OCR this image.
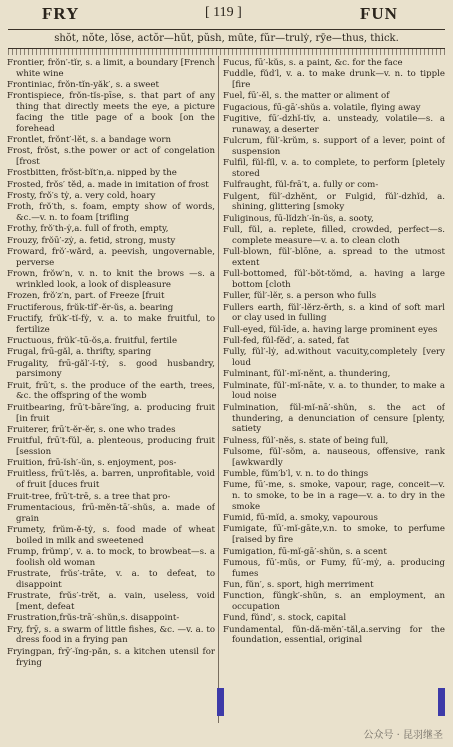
FRY	[ 119 ]	FUN
shŏt, nŏte, lŏse, actŏr—hŭt, pŭsh, mūte, fŭr—trulẏ, rȳe—thus, thick.
Frontier, frŏn′-tĭr, s. a limit, a boundary [French white wine
Frontiniac, frŏn-tĭn-yăk′, s. a sweet
Frontispiece, frŏn-tĭs-pīse, s. that part of any thing that directly meets the eye, a picture facing the title page of a book [on the forehead
Frontlet, frŏnt′-lĕt, s. a bandage worn
Frost, frŏst, s.the power or act of congelation [frost
Frostbitten, frŏst-bĭt′n,a. nipped by the
Frosted, frŏs′ tĕd, a. made in imitation of frost
Frosty, frŏ′s tẏ, a. very cold, hoary
Froth, frŏ′th, s. foam, empty show of words, &c.—v. n. to foam [trifling
Frothy, frŏ′th-ẏ,a. full of froth, empty,
Frouzy, frŏū′-zẏ, a. fetid, strong, musty
Froward, frŏ′-wărd, a. peevish, ungovernable, perverse
Frown, frŏw′n, v. n. to knit the brows —s. a wrinkled look, a look of displeasure
Frozen, frŏ′z′n, part. of Freeze [fruit
Fructiferous, frŭk-tĭf′-ĕr-ŭs, a. bearing
Fructify, frŭk′-tĭ-fẏ, v. a. to make fruitful, to fertilize
Fructuous, frŭk′-tū-ŏs,a. fruitful, fertile
Frugal, frū-găl, a. thrifty, sparing
Frugality, frū-găl′-ĭ-tẏ, s. good husbandry, parsimony
Fruit, frū′t, s. the produce of the earth, trees, &c. the offspring of the womb
Fruitbearing, frū′t-bāre′ĭng, a. producing fruit [in fruit
Fruiterer, frū′t-ĕr-ĕr, s. one who trades
Fruitful, frū′t-fŭl, a. plenteous, producing fruit [session
Fruition, frū-ĭsh′-ŭn, s. enjoyment, pos-
Fruitless, frū′t-lĕs, a. barren, unprofitable, void of fruit [duces fruit
Fruit-tree, frū′t-trē, s. a tree that pro-
Frumentacious, frū-mĕn-tā′-shŭs, a. made of grain
Frumety, frŭm-ĕ-tẏ, s. food made of wheat boiled in milk and sweetened
Frump, frŭmp′, v. a. to mock, to browbeat—s. a foolish old woman
Frustrate, frŭs′-trāte, v. a. to defeat, to disappoint
Frustrate, frŭs′-trĕt, a. vain, useless, void [ment, defeat
Frustration,frŭs-trā′-shŭn,s. disappoint-
Fry, frȳ, s. a swarm of little fishes, &c. —v. a. to dress food in a frying pan
Fryingpan, frȳ′-ĭng-păn, s. a kitchen utensil for frying
Fucus, fū′-kŭs, s. a paint, &c. for the face
Fuddle, fŭd′l, v. a. to make drunk—v. n. to tipple [fire
Fuel, fū′-ĕl, s. the matter or aliment of
Fugacious, fū-gā′-shŭs a. volatile, flying away
Fugitive, fū′-dzhĭ-tĭv, a. unsteady, volatile—s. a runaway, a deserter
Fulcrum, fŭl′-krŭm, s. support of a lever, point of suspension
Fulfil, fŭl-fĭl, v. a. to complete, to perform [pletely stored
Fulfraught, fŭl-frā′t, a. fully or com-
Fulgent, fŭl′-dzhĕnt, or Fulgid, fŭl′-dzhĭd, a. shining, glittering [smoky
Fuliginous, fū-lĭdzh′-ĭn-ŭs, a. sooty,
Full, fŭl, a. replete, filled, crowded, perfect—s. complete measure—v. a. to clean cloth
Full-blown, fŭl′-blōne, a. spread to the utmost extent
Full-bottomed, fŭl′-bŏt-tŏmd, a. having a large bottom [cloth
Fuller, fŭl′-lĕr, s. a person who fulls
Fullers earth, fŭl′-lĕrz-ĕrth, s. a kind of soft marl or clay used in fulling
Full-eyed, fŭl-īde, a. having large prominent eyes
Full-fed, fŭl-fĕd′, a. sated, fat
Fully, fŭl′-lẏ, ad.without vacuity,completely [very loud
Fulminant, fŭl′-mĭ-nĕnt, a. thundering,
Fulminate, fŭl′-mĭ-nāte, v. a. to thunder, to make a loud noise
Fulmination, fŭl-mĭ-nā′-shŭn, s. the act of thundering, a denunciation of censure [plenty, satiety
Fulness, fŭl′-nĕs, s. state of being full,
Fulsome, fŭl′-sŏm, a. nauseous, offensive, rank [awkwardly
Fumble, fŭm′b′l, v. n. to do things
Fume, fū′-me, s. smoke, vapour, rage, conceit—v. n. to smoke, to be in a rage—v. a. to dry in the smoke
Fumid, fū-mĭd, a. smoky, vapourous
Fumigate, fū′-mĭ-gāte,v.n. to smoke, to perfume [raised by fire
Fumigation, fū-mĭ-gā′-shŭn, s. a scent
Fumous, fū′-mŭs, or Fumy, fū′-mẏ, a. producing fumes
Fun, fŭn′, s. sport, high merriment
Function, fŭngk′-shŭn, s. an employment, an occupation
Fund, fŭnd′, s. stock, capital
Fundamental, fŭn-dă-mĕn′-tăl,a.serving for the foundation, essential, original
公众号 · 昆羽继圣
